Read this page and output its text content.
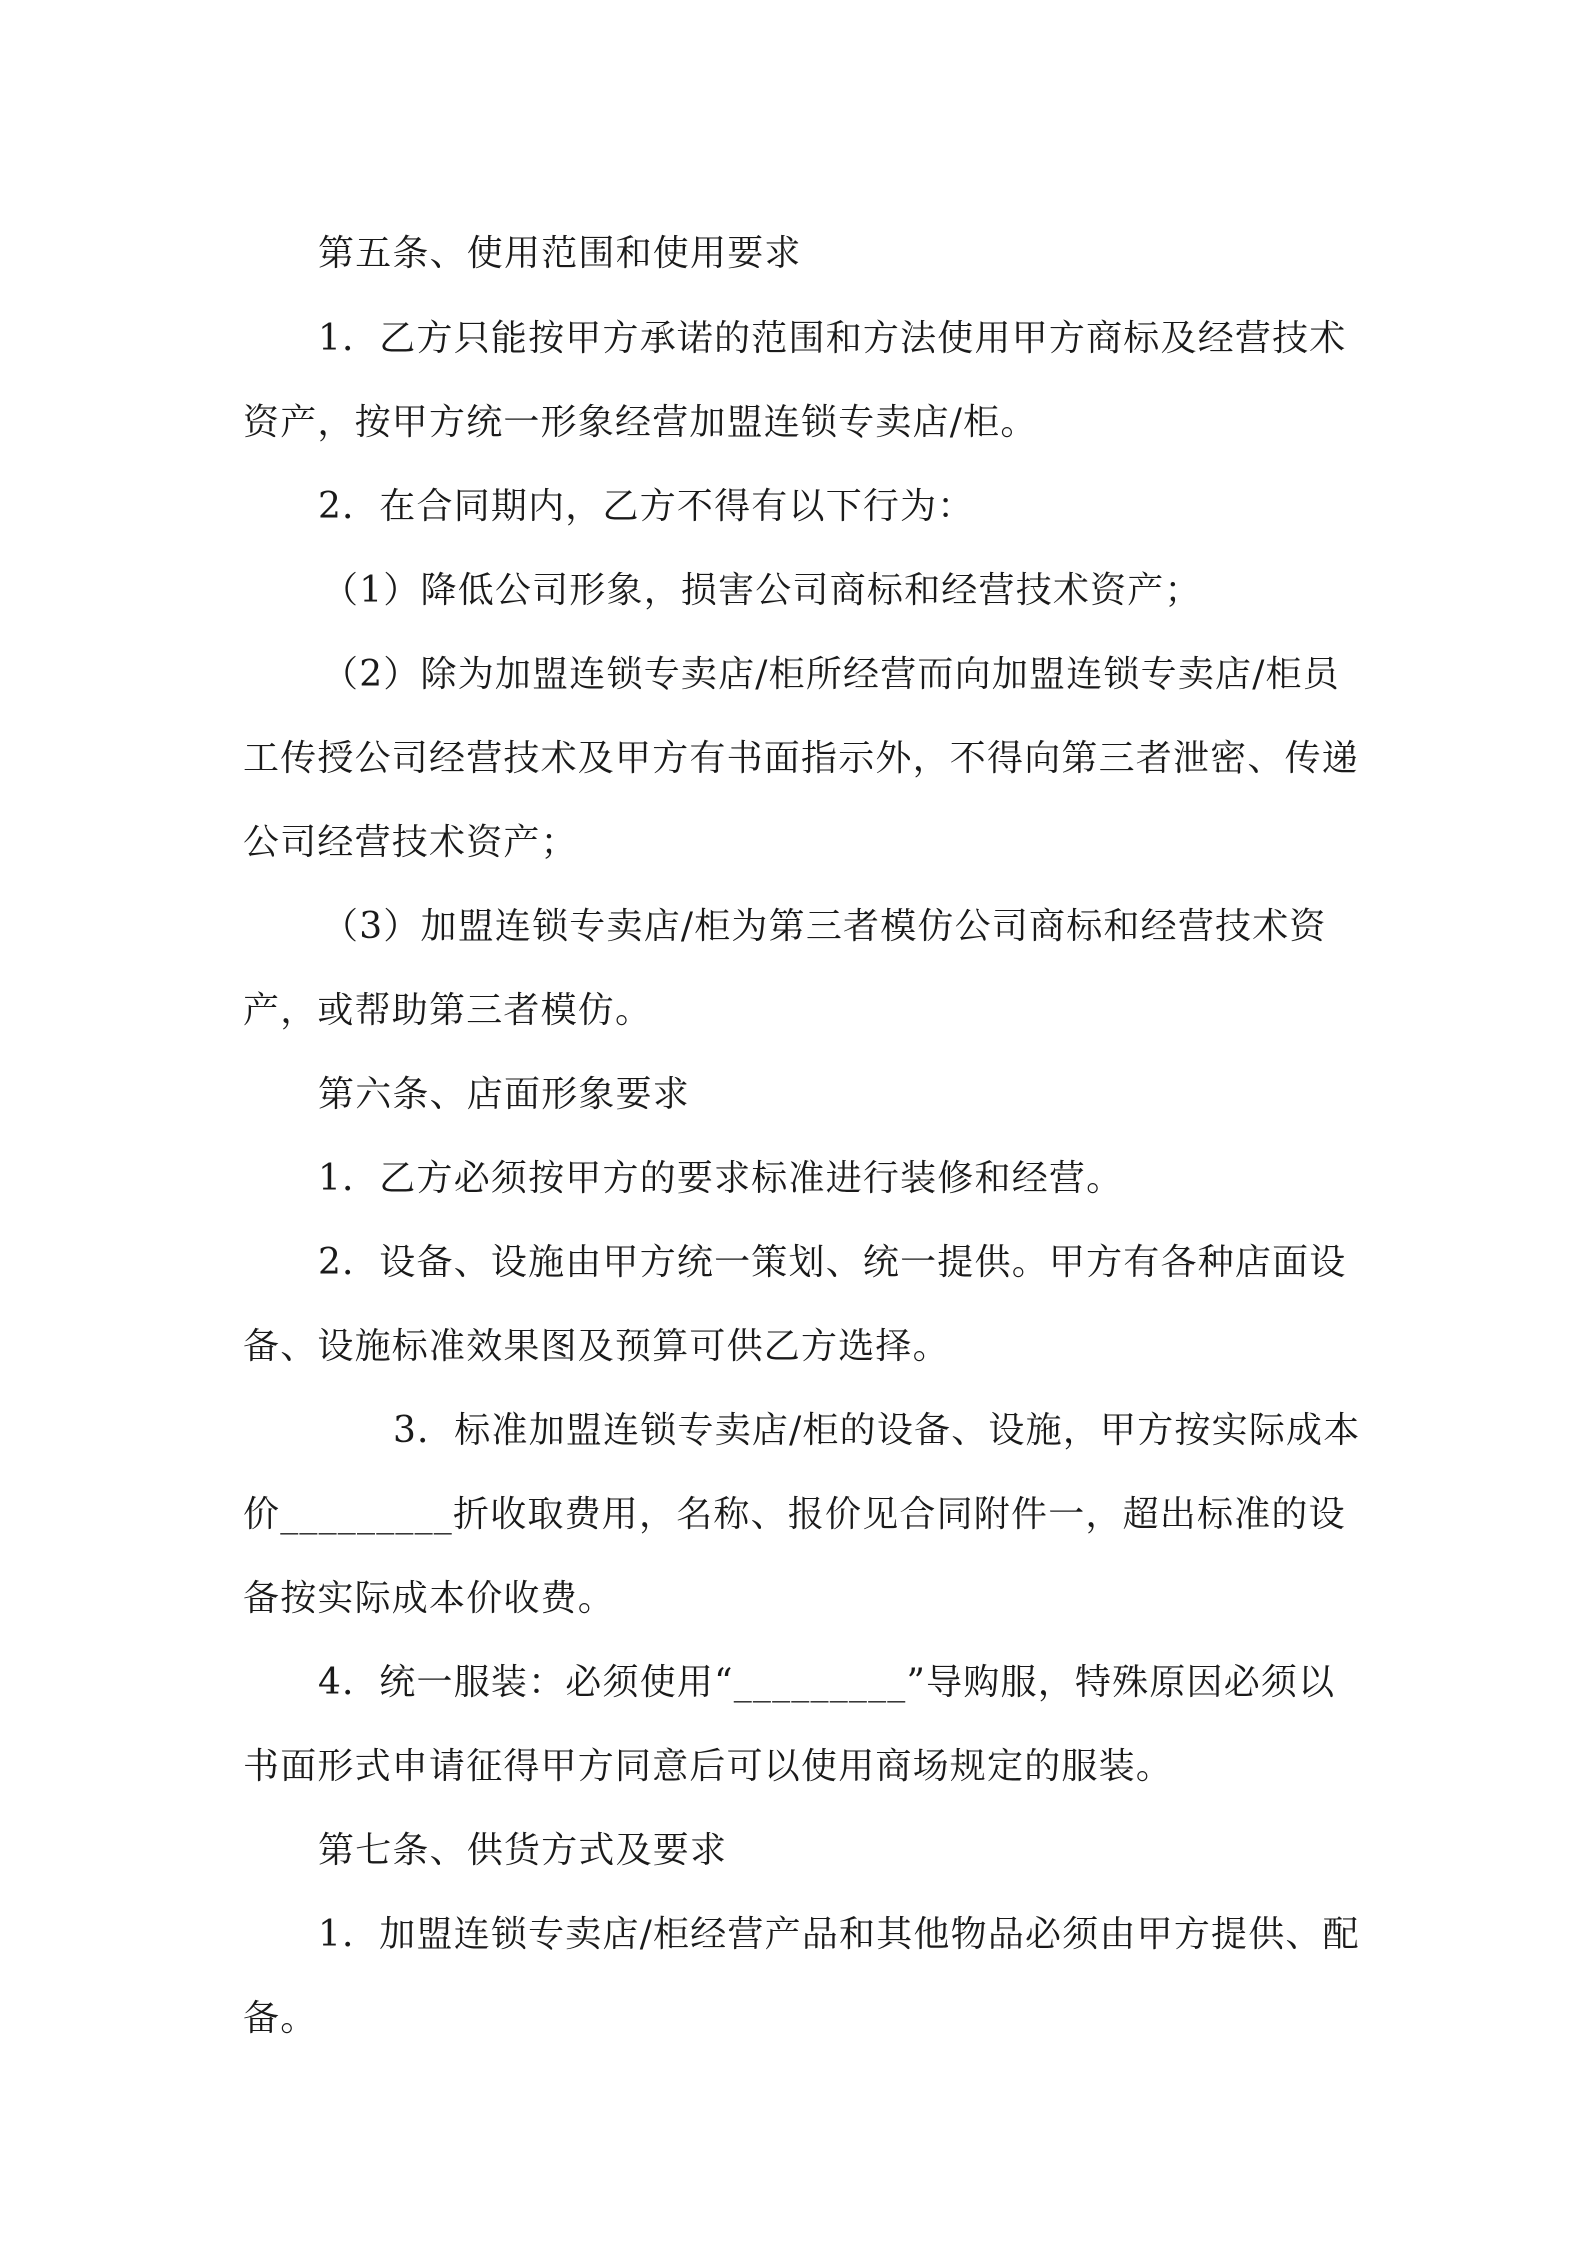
第五条、使用范围和使用要求
1．乙方只能按甲方承诺的范围和方法使用甲方商标及经营技术
资产，按甲方统一形象经营加盟连锁专卖店/柜。
2．在合同期内，乙方不得有以下行为：
（1）降低公司形象，损害公司商标和经营技术资产；
（2）除为加盟连锁专卖店/柜所经营而向加盟连锁专卖店/柜员
工传授公司经营技术及甲方有书面指示外，不得向第三者泄密、传递
公司经营技术资产；
（3）加盟连锁专卖店/柜为第三者模仿公司商标和经营技术资
产，或帮助第三者模仿。
第六条、店面形象要求
1．乙方必须按甲方的要求标准进行装修和经营。
2．设备、设施由甲方统一策划、统一提供。甲方有各种店面设
备、设施标准效果图及预算可供乙方选择。
3．标准加盟连锁专卖店/柜的设备、设施，甲方按实际成本
价_________折收取费用，名称、报价见合同附件一，超出标准的设
备按实际成本价收费。
4．统一服装：必须使用“_________”导购服，特殊原因必须以
书面形式申请征得甲方同意后可以使用商场规定的服装。
第七条、供货方式及要求
1．加盟连锁专卖店/柜经营产品和其他物品必须由甲方提供、配
备。
